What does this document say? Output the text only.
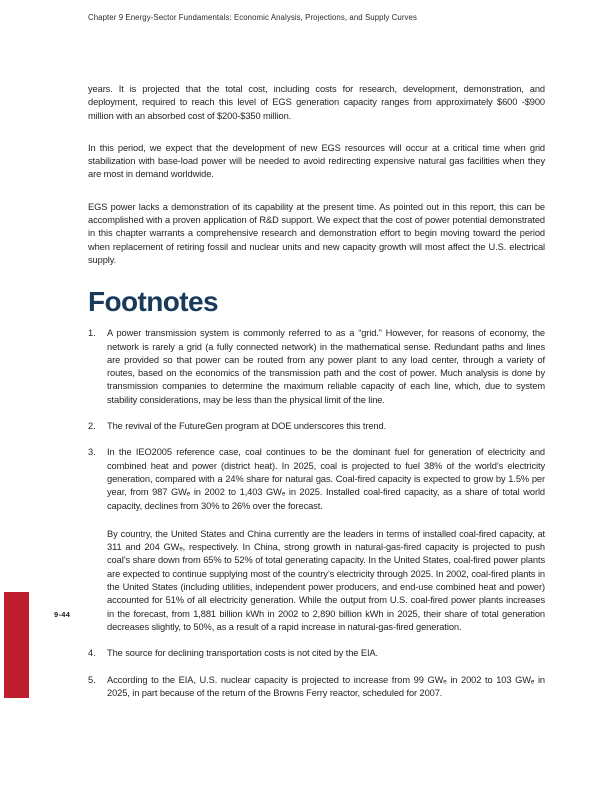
Chapter 9 Energy-Sector Fundamentals: Economic Analysis, Projections, and Supply Curves

years. It is projected that the total cost, including costs for research, development, demonstration, and deployment, required to reach this level of EGS generation capacity ranges from approximately $600 -$900 million with an absorbed cost of $200-$350 million.

In this period, we expect that the development of new EGS resources will occur at a critical time when grid stabilization with base-load power will be needed to avoid redirecting expensive natural gas facilities when they are most in demand worldwide.

EGS power lacks a demonstration of its capability at the present time. As pointed out in this report, this can be accomplished with a proven application of R&D support. We expect that the cost of power potential demonstrated in this chapter warrants a comprehensive research and demonstration effort to begin moving toward the period when replacement of retiring fossil and nuclear units and new capacity growth will most affect the U.S. electrical supply.

Footnotes
1.	A power transmission system is commonly referred to as a “grid.” However, for reasons of economy, the network is rarely a grid (a fully connected network) in the mathematical sense. Redundant paths and lines are provided so that power can be routed from any power plant to any load center, through a variety of routes, based on the economics of the transmission path and the cost of power. Much analysis is done by transmission companies to determine the maximum reliable capacity of each line, which, due to system stability considerations, may be less than the physical limit of the line.

2.	The revival of the FutureGen program at DOE underscores this trend.

3.	In the IEO2005 reference case, coal continues to be the dominant fuel for generation of electricity and combined heat and power (district heat). In 2025, coal is projected to fuel 38% of the world’s electricity generation, compared with a 24% share for natural gas. Coal-fired capacity is expected to grow by 1.5% per year, from 987 GWₑ in 2002 to 1,403 GWₑ in 2025. Installed coal-fired capacity, as a share of total world capacity, declines from 30% to 26% over the forecast.

By country, the United States and China currently are the leaders in terms of installed coal-fired capacity, at 311 and 204 GWₑ, respectively. In China, strong growth in natural-gas-fired capacity is projected to push coal’s share down from 65% to 52% of total generating capacity. In the United States, coal-fired power plants are expected to continue supplying most of the country’s electricity through 2025. In 2002, coal-fired plants in the United States (including utilities, independent power producers, and end-use combined heat and power) accounted for 51% of all electricity generation. While the output from U.S. coal-fired power plants increases in the forecast, from 1,881 billion kWh in 2002 to 2,890 billion kWh in 2025, their share of total generation decreases slightly, to 50%, as a result of a rapid increase in natural-gas-fired generation.

4.	The source for declining transportation costs is not cited by the EIA.

5.	According to the EIA, U.S. nuclear capacity is projected to increase from 99 GWₑ in 2002 to 103 GWₑ in 2025, in part because of the return of the Browns Ferry reactor, scheduled for 2007.

9-44
